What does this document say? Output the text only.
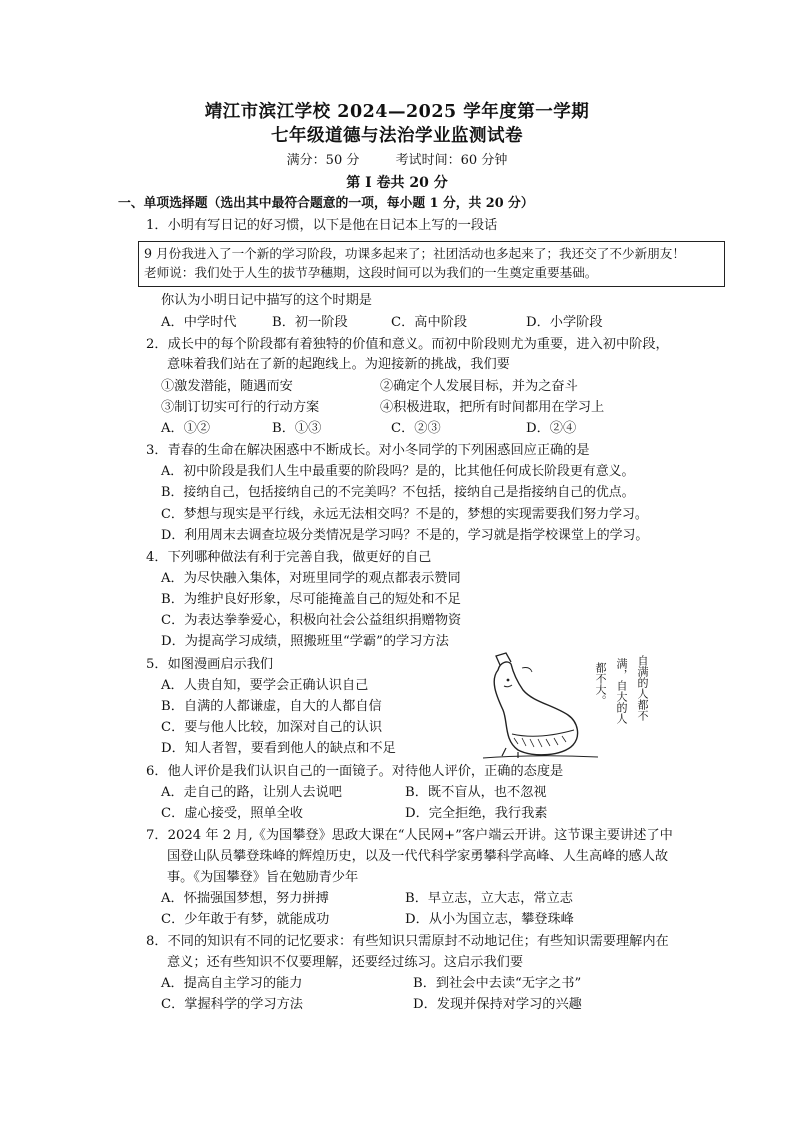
靖江市滨江学校 2024—2025 学年度第一学期
七年级道德与法治学业监测试卷
满分：50 分	考试时间：60 分钟
第 I 卷共 20 分
一、单项选择题（选出其中最符合题意的一项，每小题 1 分，共 20 分）
1．小明有写日记的好习惯，以下是他在日记本上写的一段话
9 月份我进入了一个新的学习阶段，功课多起来了；社团活动也多起来了；我还交了不少新朋友！
老师说：我们处于人生的拔节孕穗期，这段时间可以为我们的一生奠定重要基础。
你认为小明日记中描写的这个时期是
A．中学时代	B．初一阶段	C．高中阶段	D．小学阶段
2．成长中的每个阶段都有着独特的价值和意义。而初中阶段则尤为重要，进入初中阶段，
意味着我们站在了新的起跑线上。为迎接新的挑战，我们要
①激发潜能，随遇而安	②确定个人发展目标，并为之奋斗
③制订切实可行的行动方案	④积极进取，把所有时间都用在学习上
A．①②	B．①③	C．②③	D．②④
3．青春的生命在解决困惑中不断成长。对小冬同学的下列困惑回应正确的是
A．初中阶段是我们人生中最重要的阶段吗？是的，比其他任何成长阶段更有意义。
B．接纳自己，包括接纳自己的不完美吗？不包括，接纳自己是指接纳自己的优点。
C．梦想与现实是平行线，永远无法相交吗？不是的，梦想的实现需要我们努力学习。
D．利用周末去调查垃圾分类情况是学习吗？不是的，学习就是指学校课堂上的学习。
4．下列哪种做法有利于完善自我，做更好的自己
A．为尽快融入集体，对班里同学的观点都表示赞同
B．为维护良好形象，尽可能掩盖自己的短处和不足
C．为表达拳拳爱心，积极向社会公益组织捐赠物资
D．为提高学习成绩，照搬班里“学霸”的学习方法
5．如图漫画启示我们
A．人贵自知，要学会正确认识自己
B．自满的人都谦虚，自大的人都自信
C．要与他人比较，加深对自己的认识
D．知人者智，要看到他人的缺点和不足
自满的人都不
满，自大的人
都不大。
6．他人评价是我们认识自己的一面镜子。对待他人评价，正确的态度是
A．走自己的路，让别人去说吧	B．既不盲从，也不忽视
C．虚心接受，照单全收	D．完全拒绝，我行我素
7．2024 年 2 月,《为国攀登》思政大课在“人民网+”客户端云开讲。这节课主要讲述了中
国登山队员攀登珠峰的辉煌历史，以及一代代科学家勇攀科学高峰、人生高峰的感人故
事。《为国攀登》旨在勉励青少年
A．怀揣强国梦想，努力拼搏	B．早立志，立大志，常立志
C．少年敢于有梦，就能成功	D．从小为国立志，攀登珠峰
8．不同的知识有不同的记忆要求：有些知识只需原封不动地记住；有些知识需要理解内在
意义；还有些知识不仅要理解，还要经过练习。这启示我们要
A．提高自主学习的能力	B．到社会中去读“无字之书”
C．掌握科学的学习方法	D．发现并保持对学习的兴趣
